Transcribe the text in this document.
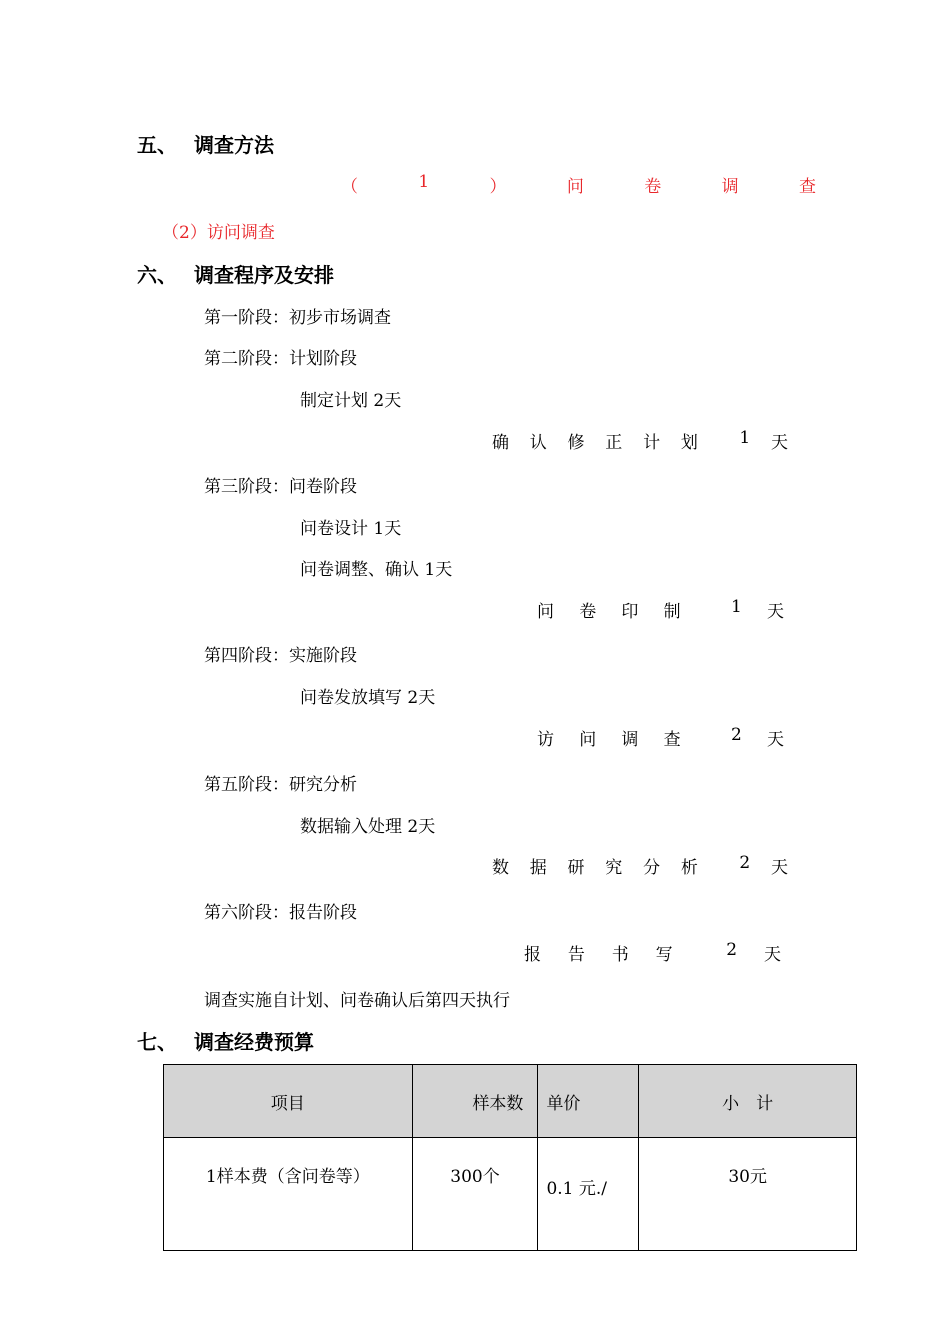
五、 调查方法
（	1	）	问	卷	调	查
（2）访问调查
六、 调查程序及安排
第一阶段：初步市场调查
第二阶段：计划阶段
制定计划 2天
确 认 修 正 计 划 1 天
第三阶段：问卷阶段
问卷设计 1天
问卷调整、确认 1天
问 卷 印 制	1 天
第四阶段：实施阶段
问卷发放填写 2天
访 问 调 查	2 天
第五阶段：研究分析
数据输入处理 2天
数 据 研 究 分 析 2 天
第六阶段：报告阶段
报 告 书 写	2 天
调查实施自计划、问卷确认后第四天执行
七、 调查经费预算
项目	样本数	单价	小　计
1样本费（含问卷等）	300个	0.1 元./	30元
